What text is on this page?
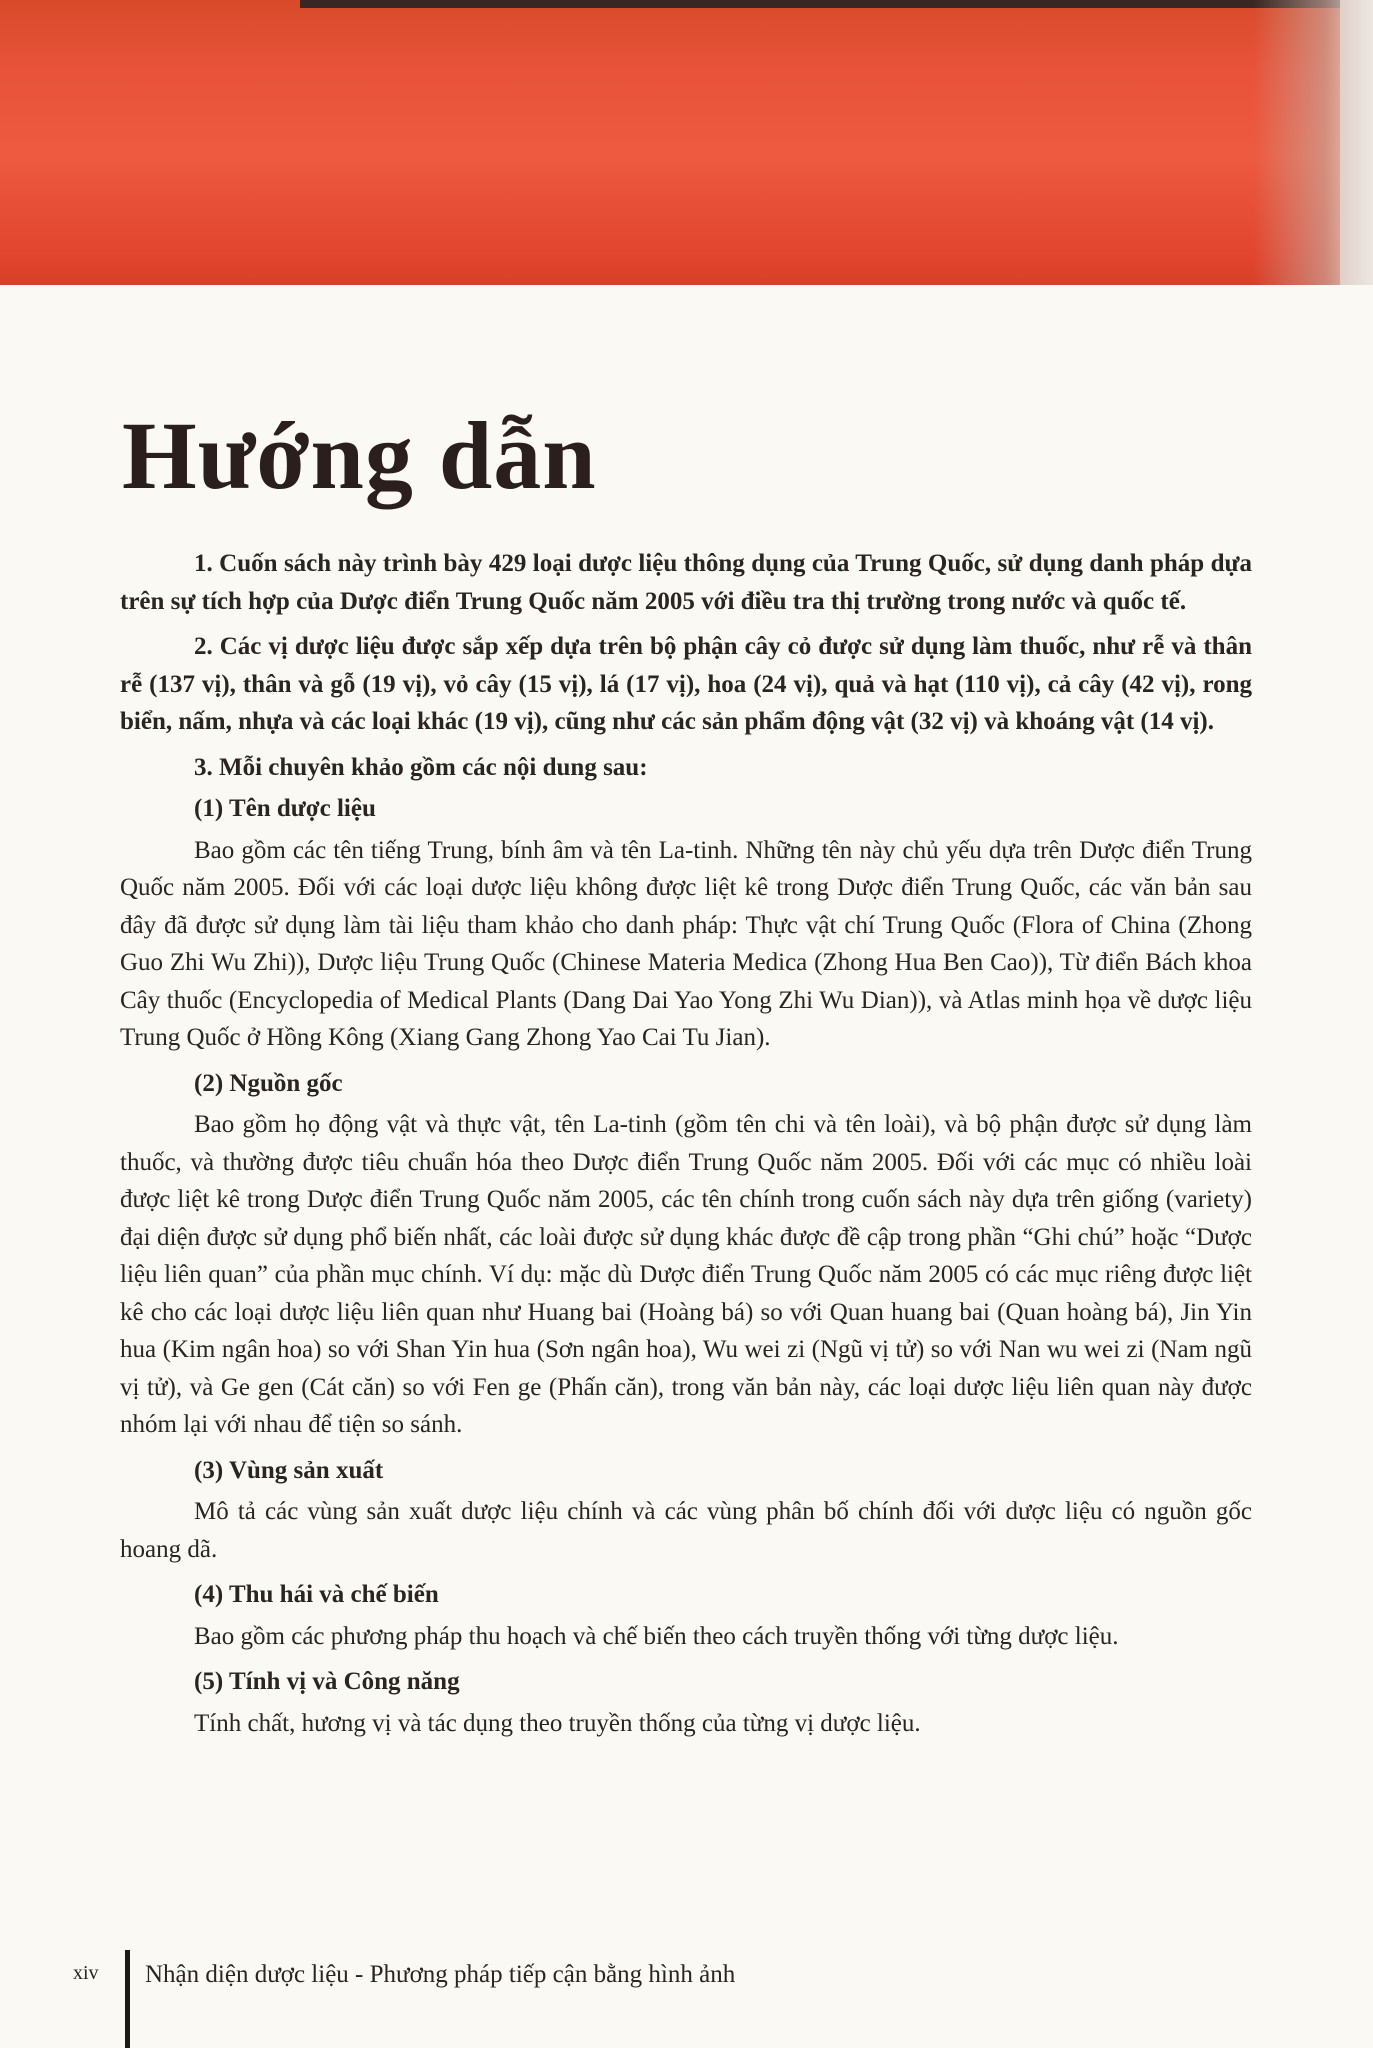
Hướng dẫn

1. Cuốn sách này trình bày 429 loại dược liệu thông dụng của Trung Quốc, sử dụng danh pháp dựa trên sự tích hợp của Dược điển Trung Quốc năm 2005 với điều tra thị trường trong nước và quốc tế.

2. Các vị dược liệu được sắp xếp dựa trên bộ phận cây cỏ được sử dụng làm thuốc, như rễ và thân rễ (137 vị), thân và gỗ (19 vị), vỏ cây (15 vị), lá (17 vị), hoa (24 vị), quả và hạt (110 vị), cả cây (42 vị), rong biển, nấm, nhựa và các loại khác (19 vị), cũng như các sản phẩm động vật (32 vị) và khoáng vật (14 vị).

3. Mỗi chuyên khảo gồm các nội dung sau:

(1) Tên dược liệu

Bao gồm các tên tiếng Trung, bính âm và tên La-tinh. Những tên này chủ yếu dựa trên Dược điển Trung Quốc năm 2005. Đối với các loại dược liệu không được liệt kê trong Dược điển Trung Quốc, các văn bản sau đây đã được sử dụng làm tài liệu tham khảo cho danh pháp: Thực vật chí Trung Quốc (Flora of China (Zhong Guo Zhi Wu Zhi)), Dược liệu Trung Quốc (Chinese Materia Medica (Zhong Hua Ben Cao)), Từ điển Bách khoa Cây thuốc (Encyclopedia of Medical Plants (Dang Dai Yao Yong Zhi Wu Dian)), và Atlas minh họa về dược liệu Trung Quốc ở Hồng Kông (Xiang Gang Zhong Yao Cai Tu Jian).

(2) Nguồn gốc

Bao gồm họ động vật và thực vật, tên La-tinh (gồm tên chi và tên loài), và bộ phận được sử dụng làm thuốc, và thường được tiêu chuẩn hóa theo Dược điển Trung Quốc năm 2005. Đối với các mục có nhiều loài được liệt kê trong Dược điển Trung Quốc năm 2005, các tên chính trong cuốn sách này dựa trên giống (variety) đại diện được sử dụng phổ biến nhất, các loài được sử dụng khác được đề cập trong phần “Ghi chú” hoặc “Dược liệu liên quan” của phần mục chính. Ví dụ: mặc dù Dược điển Trung Quốc năm 2005 có các mục riêng được liệt kê cho các loại dược liệu liên quan như Huang bai (Hoàng bá) so với Quan huang bai (Quan hoàng bá), Jin Yin hua (Kim ngân hoa) so với Shan Yin hua (Sơn ngân hoa), Wu wei zi (Ngũ vị tử) so với Nan wu wei zi (Nam ngũ vị tử), và Ge gen (Cát căn) so với Fen ge (Phấn căn), trong văn bản này, các loại dược liệu liên quan này được nhóm lại với nhau để tiện so sánh.

(3) Vùng sản xuất

Mô tả các vùng sản xuất dược liệu chính và các vùng phân bố chính đối với dược liệu có nguồn gốc hoang dã.

(4) Thu hái và chế biến

Bao gồm các phương pháp thu hoạch và chế biến theo cách truyền thống với từng dược liệu.

(5) Tính vị và Công năng

Tính chất, hương vị và tác dụng theo truyền thống của từng vị dược liệu.

xiv Nhận diện dược liệu - Phương pháp tiếp cận bằng hình ảnh
